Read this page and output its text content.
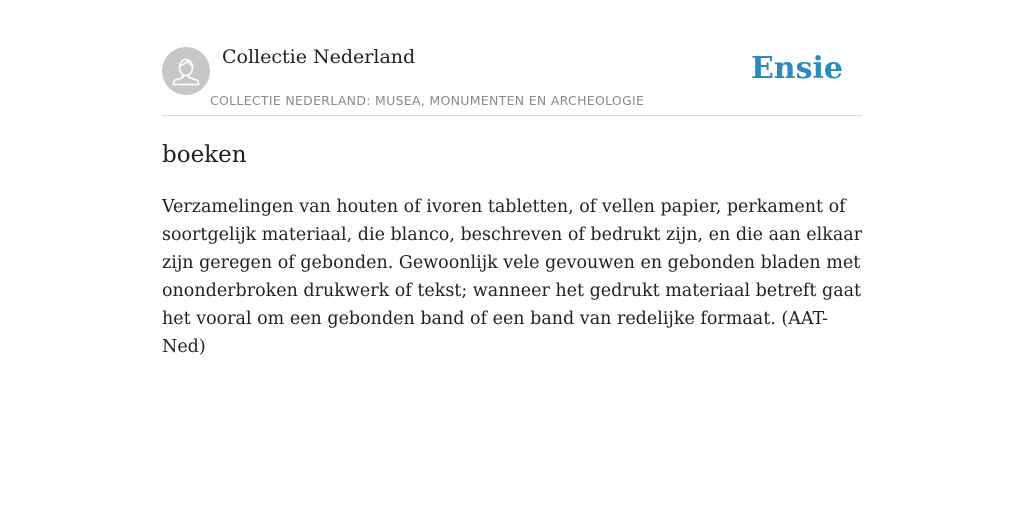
Collectie Nederland
COLLECTIE NEDERLAND: MUSEA, MONUMENTEN EN ARCHEOLOGIE
Ensie
boeken

Verzamelingen van houten of ivoren tabletten, of vellen papier, perkament of soortgelijk materiaal, die blanco, beschreven of bedrukt zijn, en die aan elkaar zijn geregen of gebonden. Gewoonlijk vele gevouwen en gebonden bladen met ononderbroken drukwerk of tekst; wanneer het gedrukt materiaal betreft gaat het vooral om een gebonden band of een band van redelijke formaat. (AAT-Ned)
